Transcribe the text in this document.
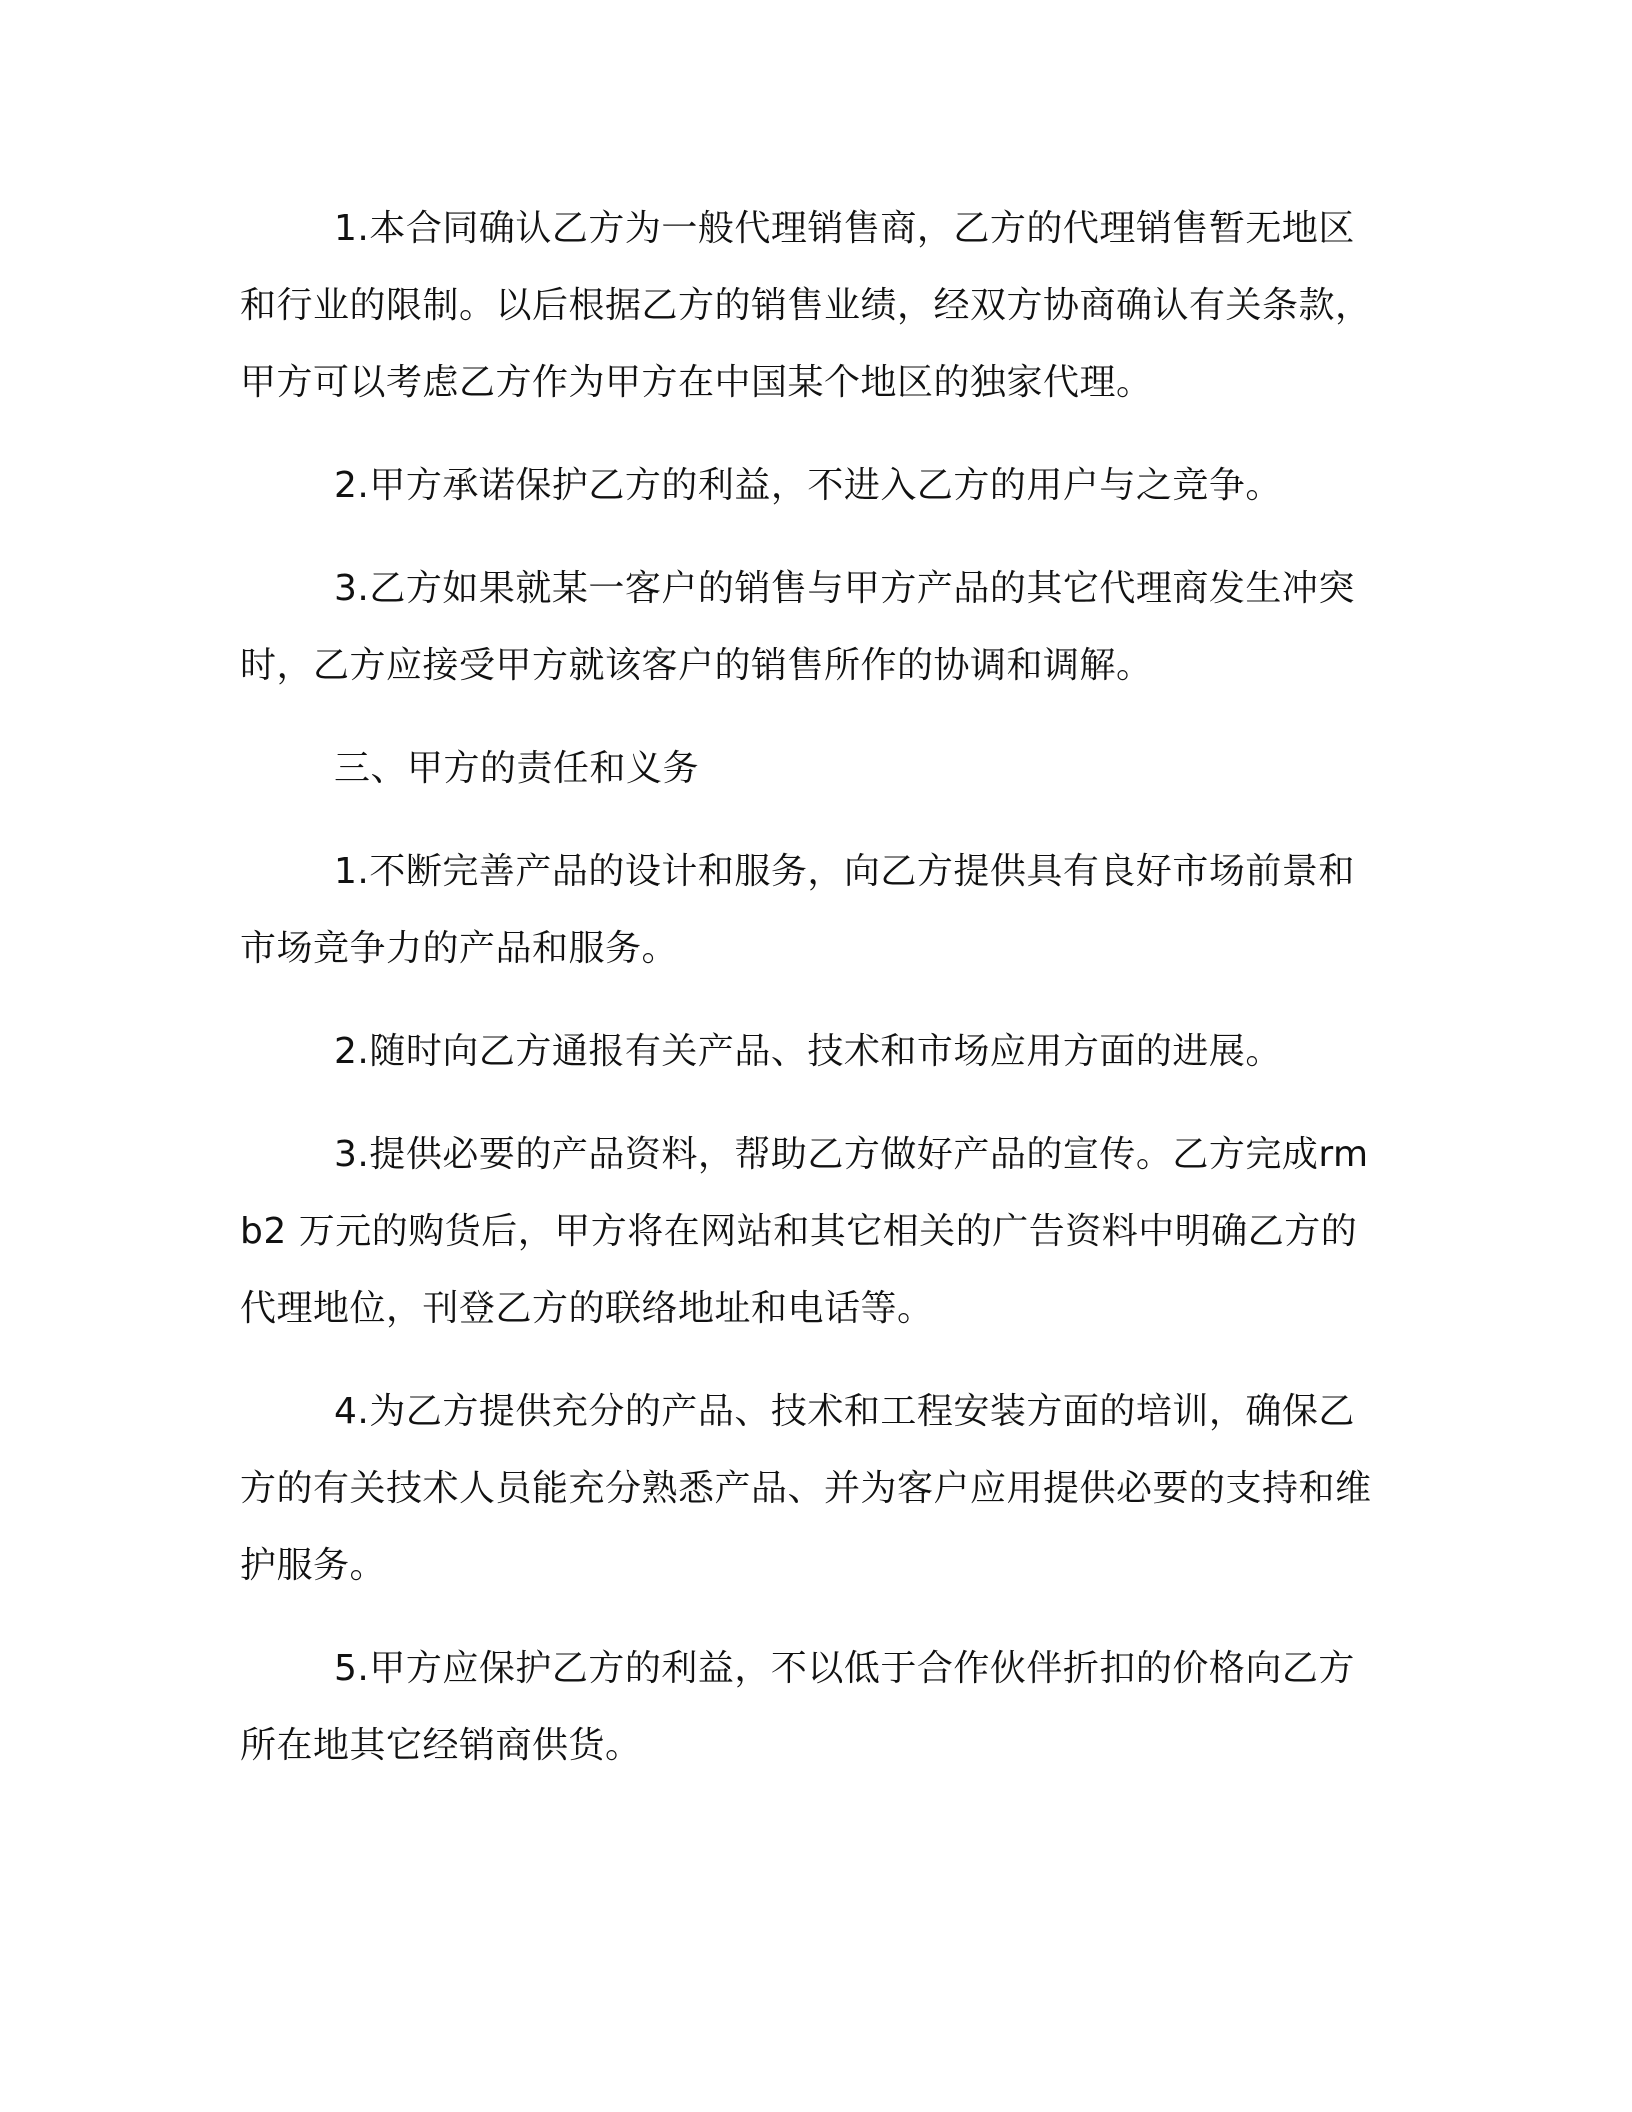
1.本合同确认乙方为一般代理销售商，乙方的代理销售暂无地区和行业的限制。以后根据乙方的销售业绩，经双方协商确认有关条款，甲方可以考虑乙方作为甲方在中国某个地区的独家代理。

2.甲方承诺保护乙方的利益，不进入乙方的用户与之竞争。

3.乙方如果就某一客户的销售与甲方产品的其它代理商发生冲突时，乙方应接受甲方就该客户的销售所作的协调和调解。

三、甲方的责任和义务

1.不断完善产品的设计和服务，向乙方提供具有良好市场前景和市场竞争力的产品和服务。

2.随时向乙方通报有关产品、技术和市场应用方面的进展。

3.提供必要的产品资料，帮助乙方做好产品的宣传。乙方完成rmb2 万元的购货后，甲方将在网站和其它相关的广告资料中明确乙方的代理地位，刊登乙方的联络地址和电话等。

4.为乙方提供充分的产品、技术和工程安装方面的培训，确保乙方的有关技术人员能充分熟悉产品、并为客户应用提供必要的支持和维护服务。

5.甲方应保护乙方的利益，不以低于合作伙伴折扣的价格向乙方所在地其它经销商供货。
